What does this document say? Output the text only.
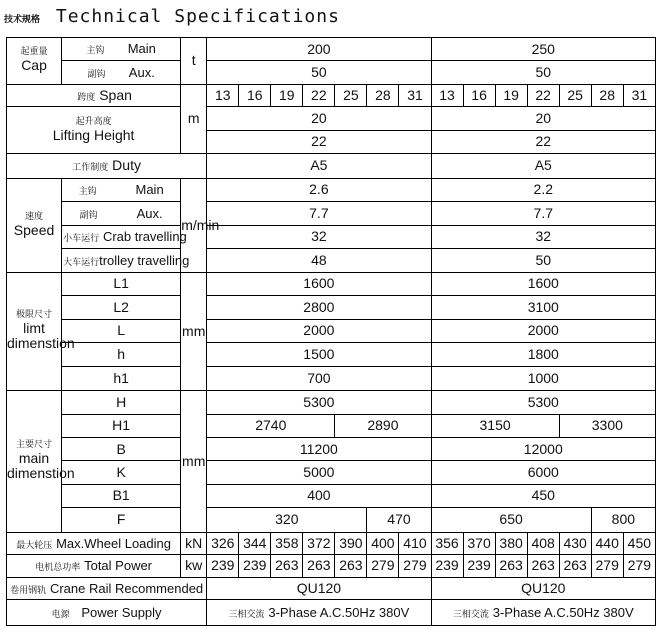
技术规格 Technical Specifications
起重量
Cap	主钩 Main	t	200							250						
	副钩 Aux.		50							50						
跨度 Span		m	13	16	19	22	25	28	31	13	16	19	22	25	28	31

起升高度
Lifting Height			20							20						
			22							22						
工作制度 Duty			A5							A5						

速度
Speed	主钩 Main	m/min	2.6							2.2						
	副钩 Aux.		7.7							7.7						
	小车运行 Crab travelling		32							32						
	大车运行trolley travelling		48							50						

极限尺寸
limt
dimenstion	L1	mm	1600							1600						
	L2		2800							3100						
	L		2000							2000						
	h		1500							1800						
	h1		700							1000						

主要尺寸
main
dimenstion	H	mm	5300							5300						
	H1		2740				2890			3150				3300		
	B		11200							12000						
	K		5000							6000						
	B1		400							450						
	F		320					470		650					800	
最大轮压 Max.Wheel Loading		kN	326	344	358	372	390	400	410	356	370	380	408	430	440	450
电机总功率 Total Power		kw	239	239	263	263	263	279	279	239	239	263	263	263	279	279
卷用钢轨 Crane Rail Recommended			QU120							QU120						
电源 Power Supply			三相交流 3-Phase A.C.50Hz 380V							三相交流 3-Phase A.C.50Hz 380V						
